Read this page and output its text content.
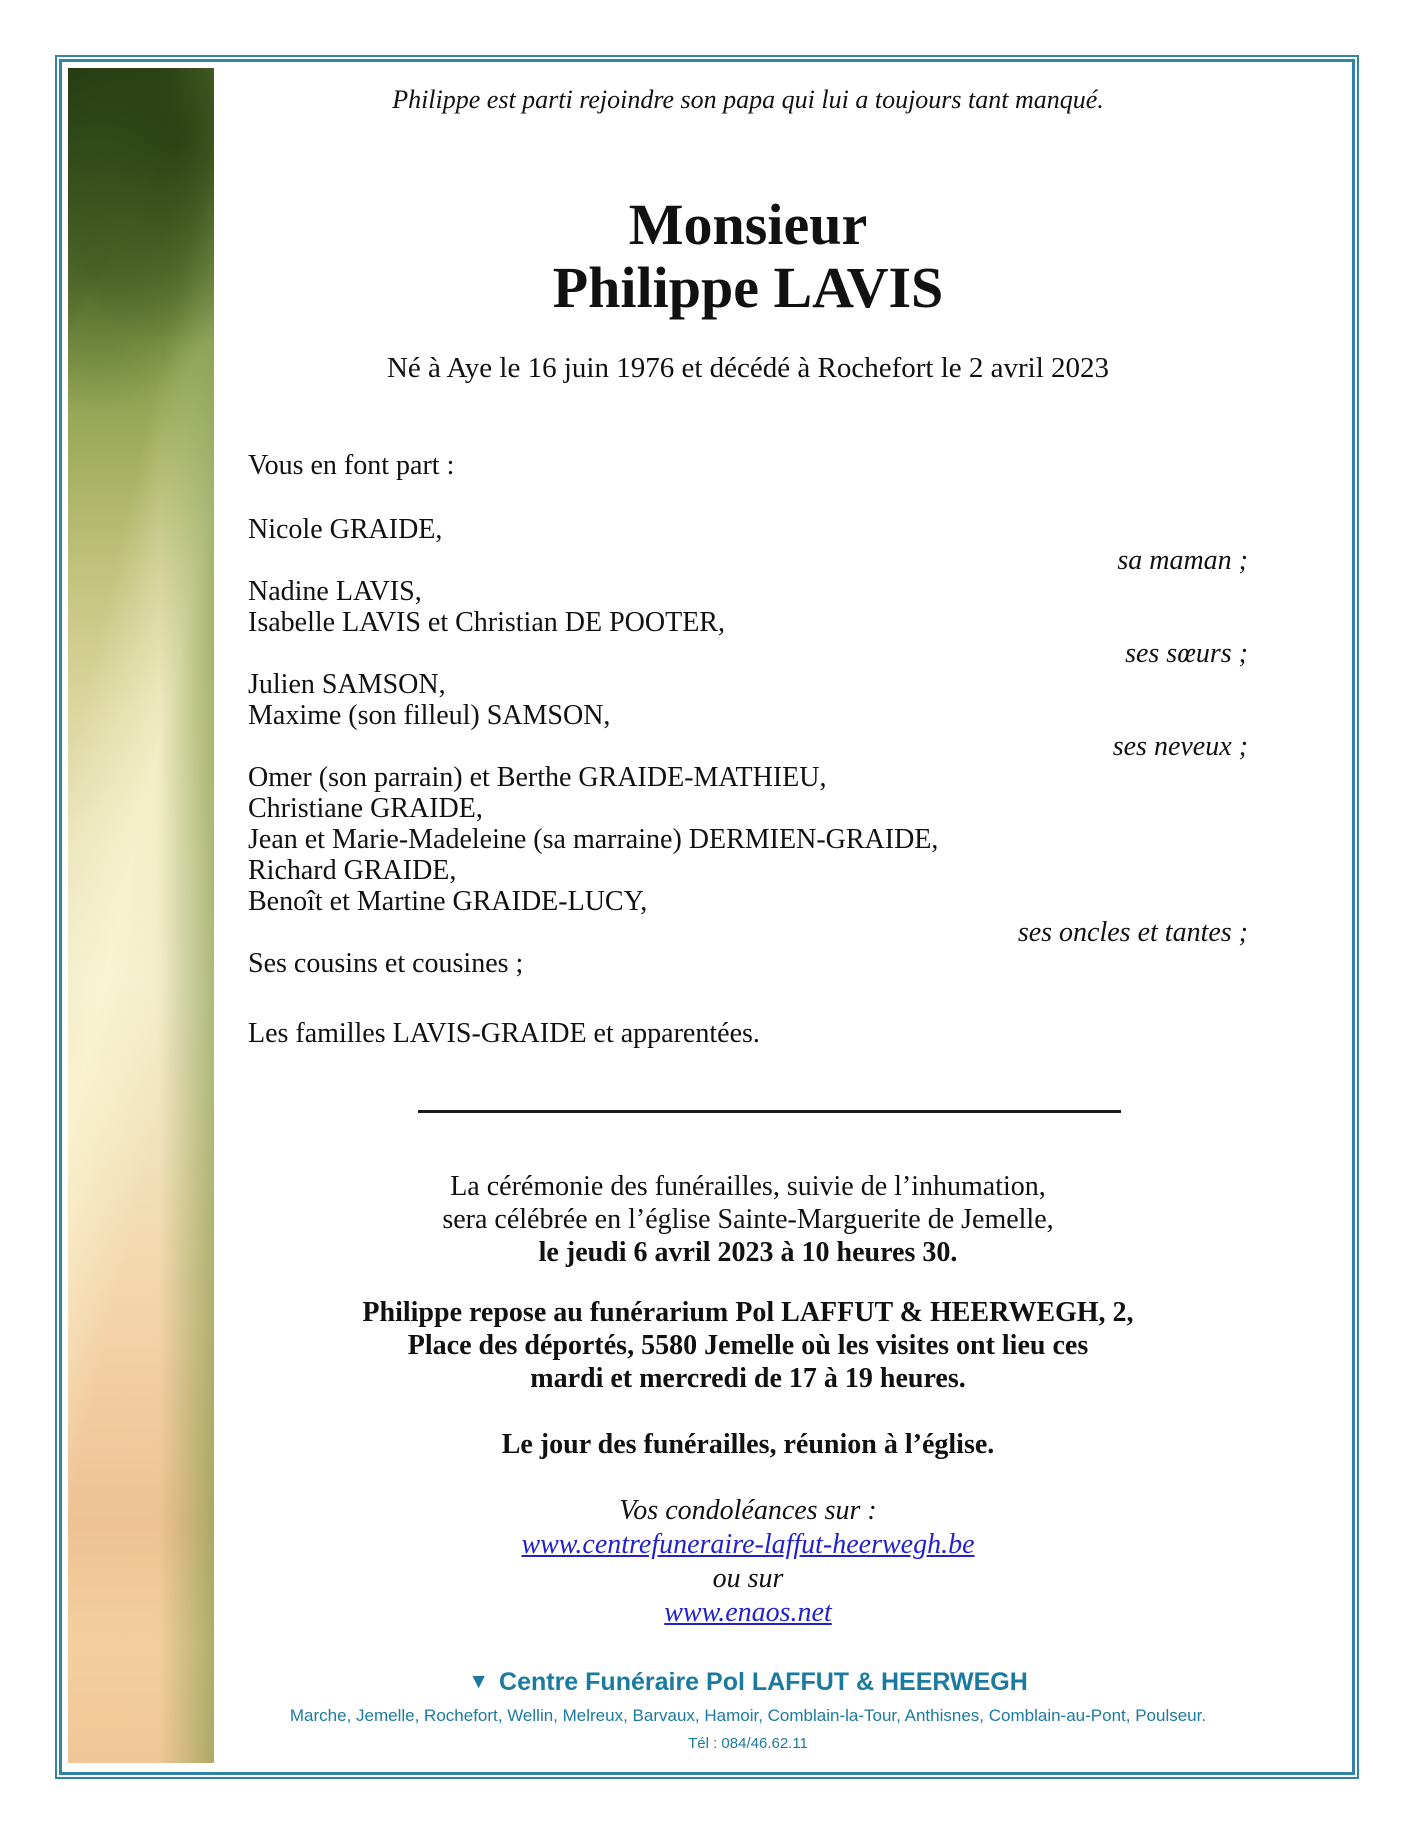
Philippe est parti rejoindre son papa qui lui a toujours tant manqué.
Monsieur
Philippe LAVIS
Né à Aye le 16 juin 1976 et décédé à Rochefort le 2 avril 2023
Vous en font part :
Nicole GRAIDE,
sa maman ;
Nadine LAVIS,
Isabelle LAVIS et Christian DE POOTER,
ses sœurs ;
Julien SAMSON,
Maxime (son filleul) SAMSON,
ses neveux ;
Omer (son parrain) et Berthe GRAIDE-MATHIEU,
Christiane GRAIDE,
Jean et Marie-Madeleine (sa marraine) DERMIEN-GRAIDE,
Richard GRAIDE,
Benoît et Martine GRAIDE-LUCY,
ses oncles et tantes ;
Ses cousins et cousines ;
Les familles LAVIS-GRAIDE et apparentées.
La cérémonie des funérailles, suivie de l’inhumation,
sera célébrée en l’église Sainte-Marguerite de Jemelle,
le jeudi 6 avril 2023 à 10 heures 30.
Philippe repose au funérarium Pol LAFFUT & HEERWEGH, 2,
Place des déportés, 5580 Jemelle où les visites ont lieu ces
mardi et mercredi de 17 à 19 heures.
Le jour des funérailles, réunion à l’église.
Vos condoléances sur :
www.centrefuneraire-laffut-heerwegh.be
ou sur
www.enaos.net
▼ Centre Funéraire Pol LAFFUT & HEERWEGH
Marche, Jemelle, Rochefort, Wellin, Melreux, Barvaux, Hamoir, Comblain-la-Tour, Anthisnes, Comblain-au-Pont, Poulseur.
Tél : 084/46.62.11
